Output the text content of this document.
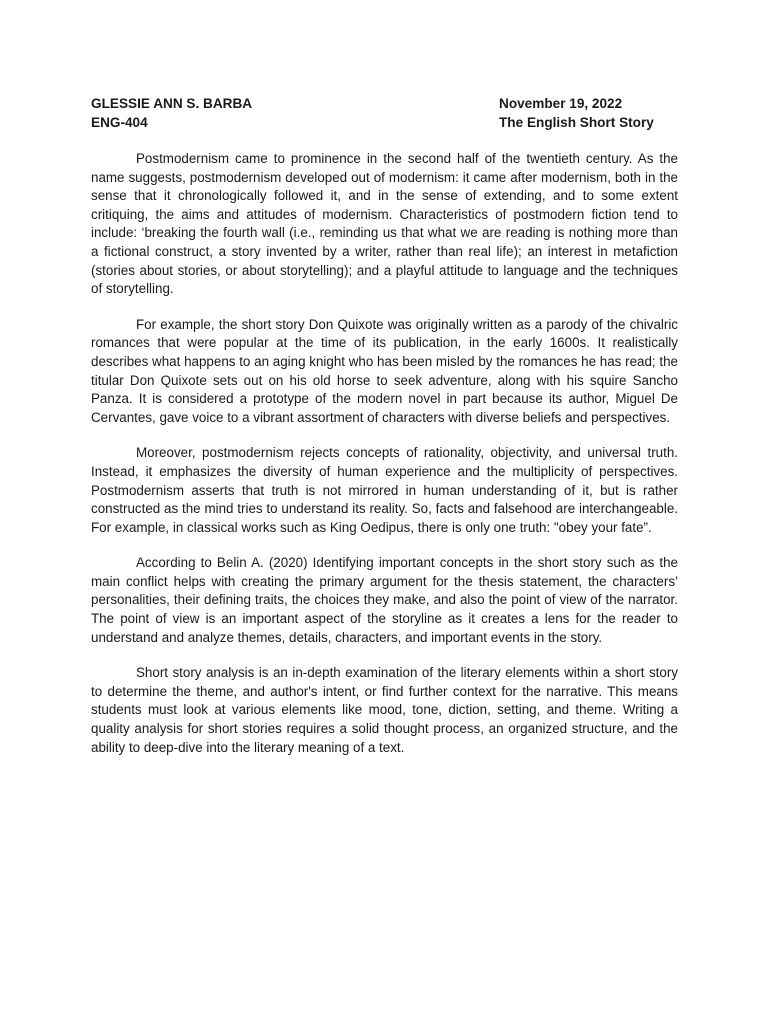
GLESSIE ANN S. BARBA	November 19, 2022
ENG-404	The English Short Story

Postmodernism came to prominence in the second half of the twentieth century. As the name suggests, postmodernism developed out of modernism: it came after modernism, both in the sense that it chronologically followed it, and in the sense of extending, and to some extent critiquing, the aims and attitudes of modernism. Characteristics of postmodern fiction tend to include: ‘breaking the fourth wall (i.e., reminding us that what we are reading is nothing more than a fictional construct, a story invented by a writer, rather than real life); an interest in metafiction (stories about stories, or about storytelling); and a playful attitude to language and the techniques of storytelling.

For example, the short story Don Quixote was originally written as a parody of the chivalric romances that were popular at the time of its publication, in the early 1600s. It realistically describes what happens to an aging knight who has been misled by the romances he has read; the titular Don Quixote sets out on his old horse to seek adventure, along with his squire Sancho Panza. It is considered a prototype of the modern novel in part because its author, Miguel De Cervantes, gave voice to a vibrant assortment of characters with diverse beliefs and perspectives.

Moreover, postmodernism rejects concepts of rationality, objectivity, and universal truth. Instead, it emphasizes the diversity of human experience and the multiplicity of perspectives. Postmodernism asserts that truth is not mirrored in human understanding of it, but is rather constructed as the mind tries to understand its reality. So, facts and falsehood are interchangeable. For example, in classical works such as King Oedipus, there is only one truth: "obey your fate”.

According to Belin A. (2020) Identifying important concepts in the short story such as the main conflict helps with creating the primary argument for the thesis statement, the characters’ personalities, their defining traits, the choices they make, and also the point of view of the narrator. The point of view is an important aspect of the storyline as it creates a lens for the reader to understand and analyze themes, details, characters, and important events in the story.

Short story analysis is an in-depth examination of the literary elements within a short story to determine the theme, and author's intent, or find further context for the narrative. This means students must look at various elements like mood, tone, diction, setting, and theme. Writing a quality analysis for short stories requires a solid thought process, an organized structure, and the ability to deep-dive into the literary meaning of a text.
